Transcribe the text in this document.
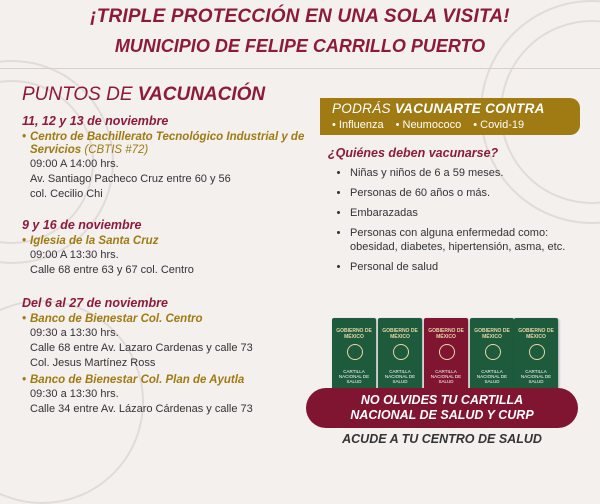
¡TRIPLE PROTECCIÓN EN UNA SOLA VISITA!
MUNICIPIO DE FELIPE CARRILLO PUERTO
PUNTOS DE VACUNACIÓN
11, 12 y 13 de noviembre
• Centro de Bachillerato Tecnológico Industrial y de Servicios (CBTIS #72)
09:00 A 14:00 hrs.
Av. Santiago Pacheco Cruz entre 60 y 56
col. Cecilio Chi
9 y 16 de noviembre
• Iglesia de la Santa Cruz
09:00 A 13:30 hrs.
Calle 68 entre 63 y 67 col. Centro
Del 6 al 27 de noviembre
• Banco de Bienestar Col. Centro
09:30 a 13:30 hrs.
Calle 68 entre Av. Lazaro Cardenas y calle 73
Col. Jesus Martínez Ross
• Banco de Bienestar Col. Plan de Ayutla
09:30 a 13:30 hrs.
Calle 34 entre Av. Lázaro Cárdenas y calle 73
PODRÁS VACUNARTE CONTRA
• Influenza • Neumococo • Covid-19
¿Quiénes deben vacunarse?
• Niñas y niños de 6 a 59 meses.
• Personas de 60 años o más.
• Embarazadas
• Personas con alguna enfermedad como: obesidad, diabetes, hipertensión, asma, etc.
• Personal de salud
GOBIERNO DE
MÉXICO
CARTILLA NACIONAL DE SALUD
GOBIERNO DE
MÉXICO
CARTILLA NACIONAL DE SALUD
GOBIERNO DE
MÉXICO
CARTILLA NACIONAL DE SALUD
GOBIERNO DE
MÉXICO
CARTILLA NACIONAL DE SALUD
GOBIERNO DE
MÉXICO
CARTILLA NACIONAL DE SALUD
NO OLVIDES TU CARTILLA
NACIONAL DE SALUD Y CURP
ACUDE A TU CENTRO DE SALUD
